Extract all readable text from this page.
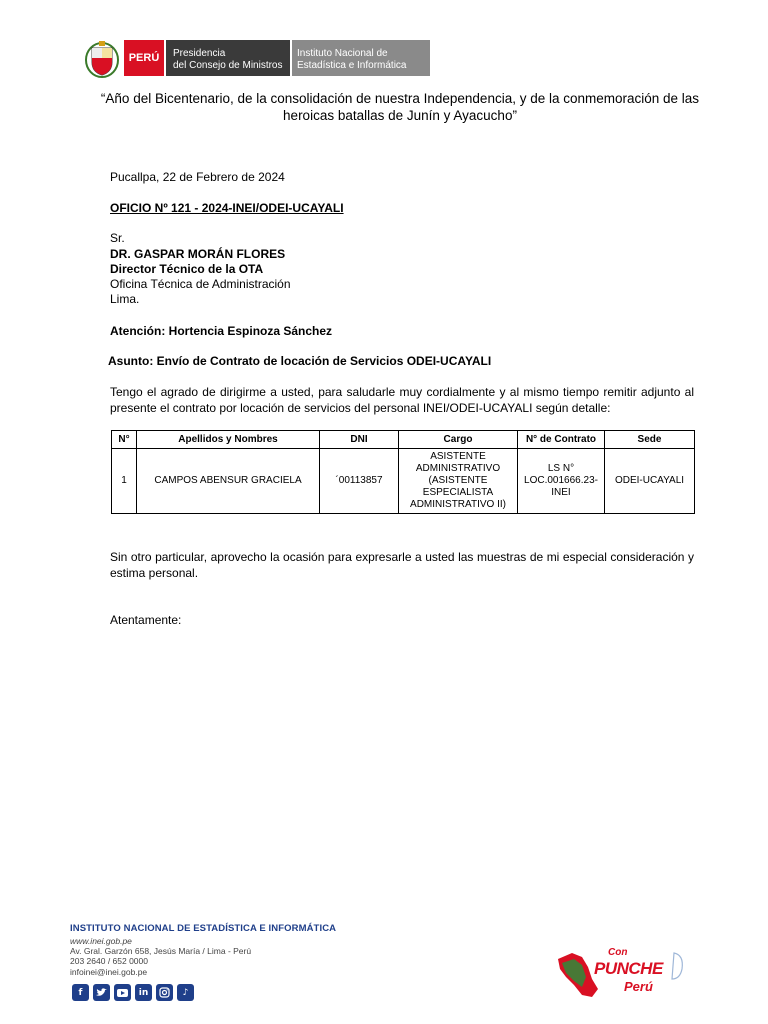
PERÚ	Presidencia
del Consejo de Ministros
Instituto Nacional de
Estadística e Informática
“Año del Bicentenario, de la consolidación de nuestra Independencia, y de la conmemoración de las
heroicas batallas de Junín y Ayacucho”
Pucallpa, 22 de Febrero de 2024
OFICIO Nº 121 - 2024-INEI/ODEI-UCAYALI
Sr.
DR. GASPAR MORÁN FLORES
Director Técnico de la OTA
Oficina Técnica de Administración
Lima.
Atención: Hortencia Espinoza Sánchez
Asunto: Envío de Contrato de locación de Servicios ODEI-UCAYALI
Tengo el agrado de dirigirme a usted, para saludarle muy cordialmente y al mismo tiempo remitir adjunto al presente el contrato por locación de servicios del personal INEI/ODEI-UCAYALI según detalle:
N°	Apellidos y Nombres	DNI	Cargo	N° de Contrato	Sede
1	CAMPOS ABENSUR GRACIELA	´00113857	ASISTENTE ADMINISTRATIVO (ASISTENTE ESPECIALISTA ADMINISTRATIVO II)	LS N° LOC.001666.23-INEI	ODEI-UCAYALI
Sin otro particular, aprovecho la ocasión para expresarle a usted las muestras de mi especial consideración y estima personal.
Atentamente:
INSTITUTO NACIONAL DE ESTADÍSTICA E INFORMÁTICA
www.inei.gob.pe
Av. Gral. Garzón 658, Jesús María / Lima - Perú
203 2640 / 652 0000
infoinei@inei.gob.pe
f	in	♪
Con
PUNCHE
Perú
